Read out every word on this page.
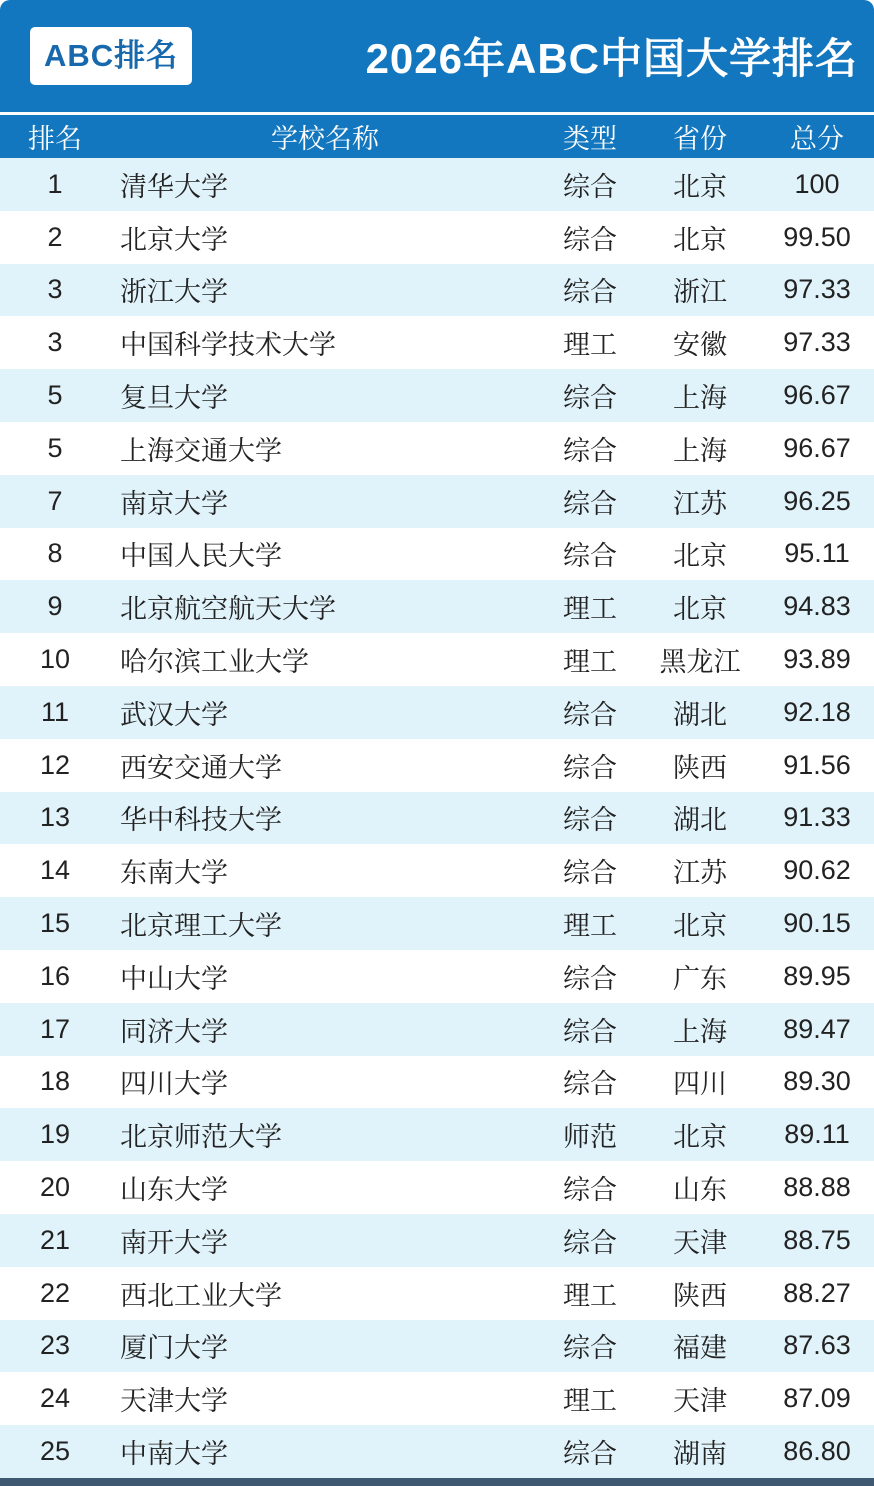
ABC排名	2026年ABC中国大学排名
排名	学校名称	类型	省份	总分
1	清华大学	综合	北京	100
2	北京大学	综合	北京	99.50
3	浙江大学	综合	浙江	97.33
3	中国科学技术大学	理工	安徽	97.33
5	复旦大学	综合	上海	96.67
5	上海交通大学	综合	上海	96.67
7	南京大学	综合	江苏	96.25
8	中国人民大学	综合	北京	95.11
9	北京航空航天大学	理工	北京	94.83
10	哈尔滨工业大学	理工	黑龙江	93.89
11	武汉大学	综合	湖北	92.18
12	西安交通大学	综合	陕西	91.56
13	华中科技大学	综合	湖北	91.33
14	东南大学	综合	江苏	90.62
15	北京理工大学	理工	北京	90.15
16	中山大学	综合	广东	89.95
17	同济大学	综合	上海	89.47
18	四川大学	综合	四川	89.30
19	北京师范大学	师范	北京	89.11
20	山东大学	综合	山东	88.88
21	南开大学	综合	天津	88.75
22	西北工业大学	理工	陕西	88.27
23	厦门大学	综合	福建	87.63
24	天津大学	理工	天津	87.09
25	中南大学	综合	湖南	86.80
